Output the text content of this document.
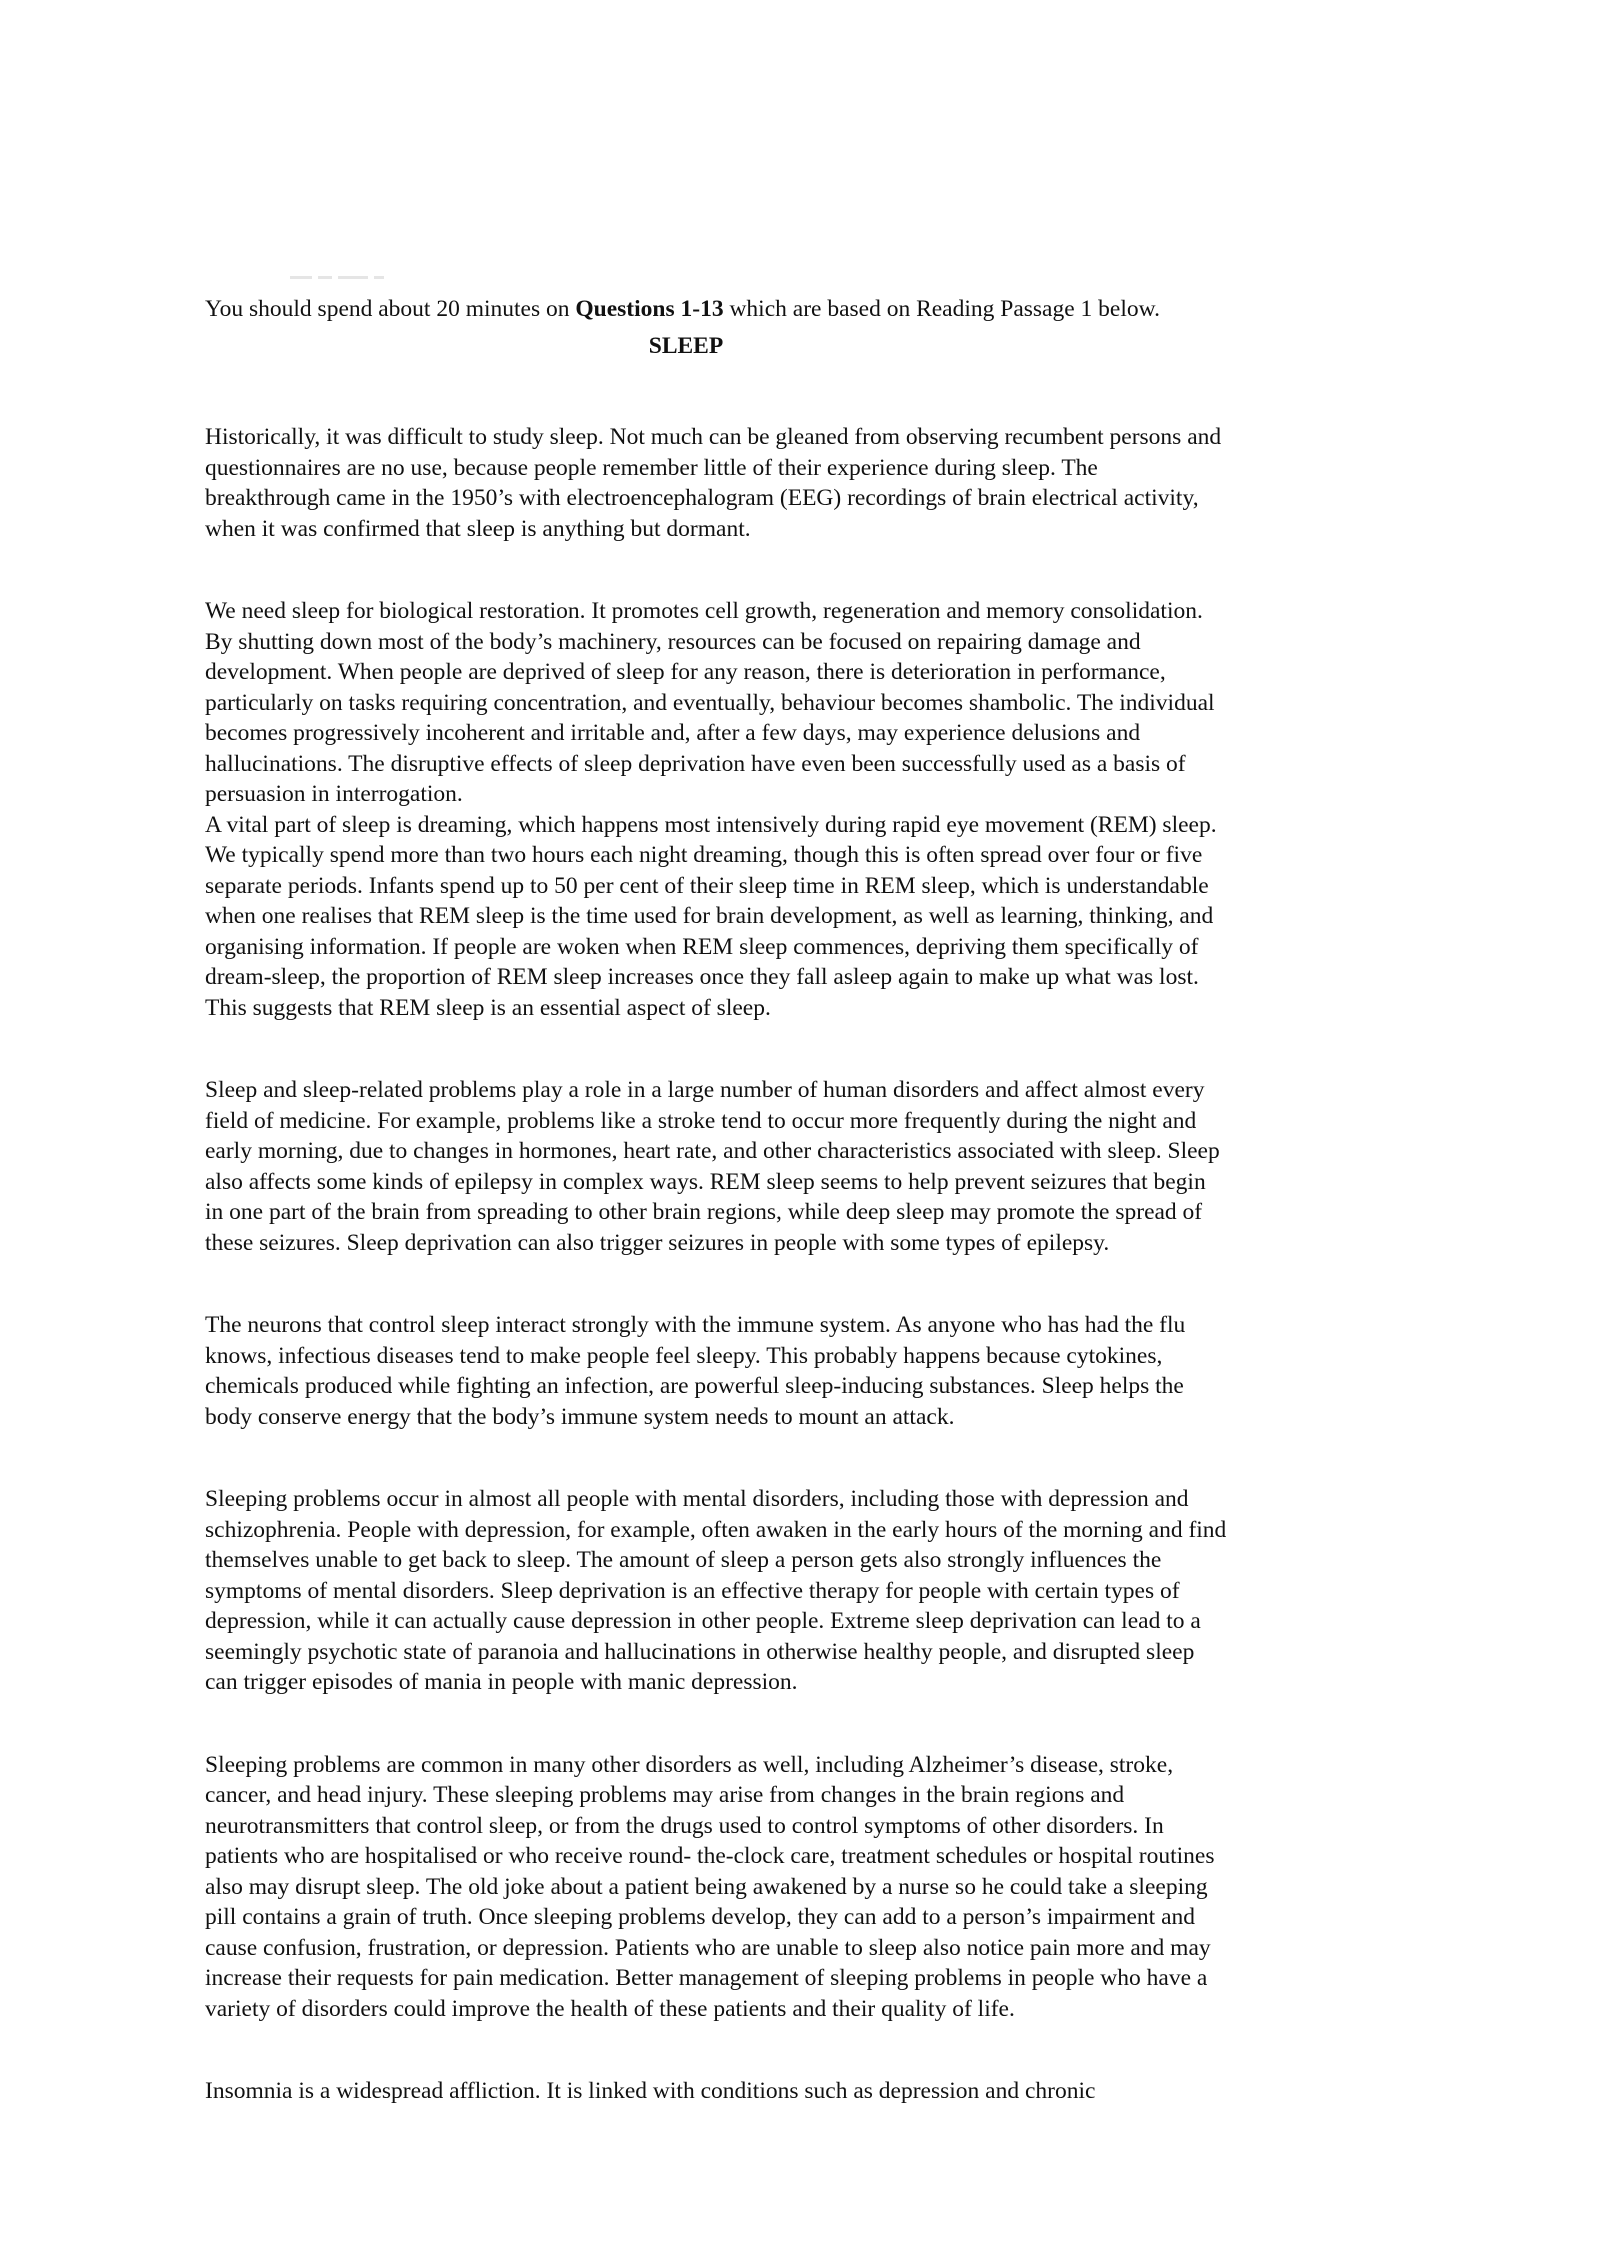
You should spend about 20 minutes on Questions 1-13 which are based on Reading Passage 1 below.

SLEEP

Historically, it was difficult to study sleep. Not much can be gleaned from observing recumbent persons and questionnaires are no use, because people remember little of their experience during sleep. The breakthrough came in the 1950’s with electroencephalogram (EEG) recordings of brain electrical activity, when it was confirmed that sleep is anything but dormant.

We need sleep for biological restoration. It promotes cell growth, regeneration and memory consolidation. By shutting down most of the body’s machinery, resources can be focused on repairing damage and development. When people are deprived of sleep for any reason, there is deterioration in performance, particularly on tasks requiring concentration, and eventually, behaviour becomes shambolic. The individual becomes progressively incoherent and irritable and, after a few days, may experience delusions and hallucinations. The disruptive effects of sleep deprivation have even been successfully used as a basis of persuasion in interrogation.

A vital part of sleep is dreaming, which happens most intensively during rapid eye movement (REM) sleep. We typically spend more than two hours each night dreaming, though this is often spread over four or five separate periods. Infants spend up to 50 per cent of their sleep time in REM sleep, which is understandable when one realises that REM sleep is the time used for brain development, as well as learning, thinking, and organising information. If people are woken when REM sleep commences, depriving them specifically of dream-sleep, the proportion of REM sleep increases once they fall asleep again to make up what was lost. This suggests that REM sleep is an essential aspect of sleep.

Sleep and sleep-related problems play a role in a large number of human disorders and affect almost every field of medicine. For example, problems like a stroke tend to occur more frequently during the night and early morning, due to changes in hormones, heart rate, and other characteristics associated with sleep. Sleep also affects some kinds of epilepsy in complex ways. REM sleep seems to help prevent seizures that begin in one part of the brain from spreading to other brain regions, while deep sleep may promote the spread of these seizures. Sleep deprivation can also trigger seizures in people with some types of epilepsy.

The neurons that control sleep interact strongly with the immune system. As anyone who has had the flu knows, infectious diseases tend to make people feel sleepy. This probably happens because cytokines, chemicals produced while fighting an infection, are powerful sleep-inducing substances. Sleep helps the body conserve energy that the body’s immune system needs to mount an attack.

Sleeping problems occur in almost all people with mental disorders, including those with depression and schizophrenia. People with depression, for example, often awaken in the early hours of the morning and find themselves unable to get back to sleep. The amount of sleep a person gets also strongly influences the symptoms of mental disorders. Sleep deprivation is an effective therapy for people with certain types of depression, while it can actually cause depression in other people. Extreme sleep deprivation can lead to a seemingly psychotic state of paranoia and hallucinations in otherwise healthy people, and disrupted sleep can trigger episodes of mania in people with manic depression.

Sleeping problems are common in many other disorders as well, including Alzheimer’s disease, stroke, cancer, and head injury. These sleeping problems may arise from changes in the brain regions and neurotransmitters that control sleep, or from the drugs used to control symptoms of other disorders. In patients who are hospitalised or who receive round- the-clock care, treatment schedules or hospital routines also may disrupt sleep. The old joke about a patient being awakened by a nurse so he could take a sleeping pill contains a grain of truth. Once sleeping problems develop, they can add to a person’s impairment and cause confusion, frustration, or depression. Patients who are unable to sleep also notice pain more and may increase their requests for pain medication. Better management of sleeping problems in people who have a variety of disorders could improve the health of these patients and their quality of life.

Insomnia is a widespread affliction. It is linked with conditions such as depression and chronic
